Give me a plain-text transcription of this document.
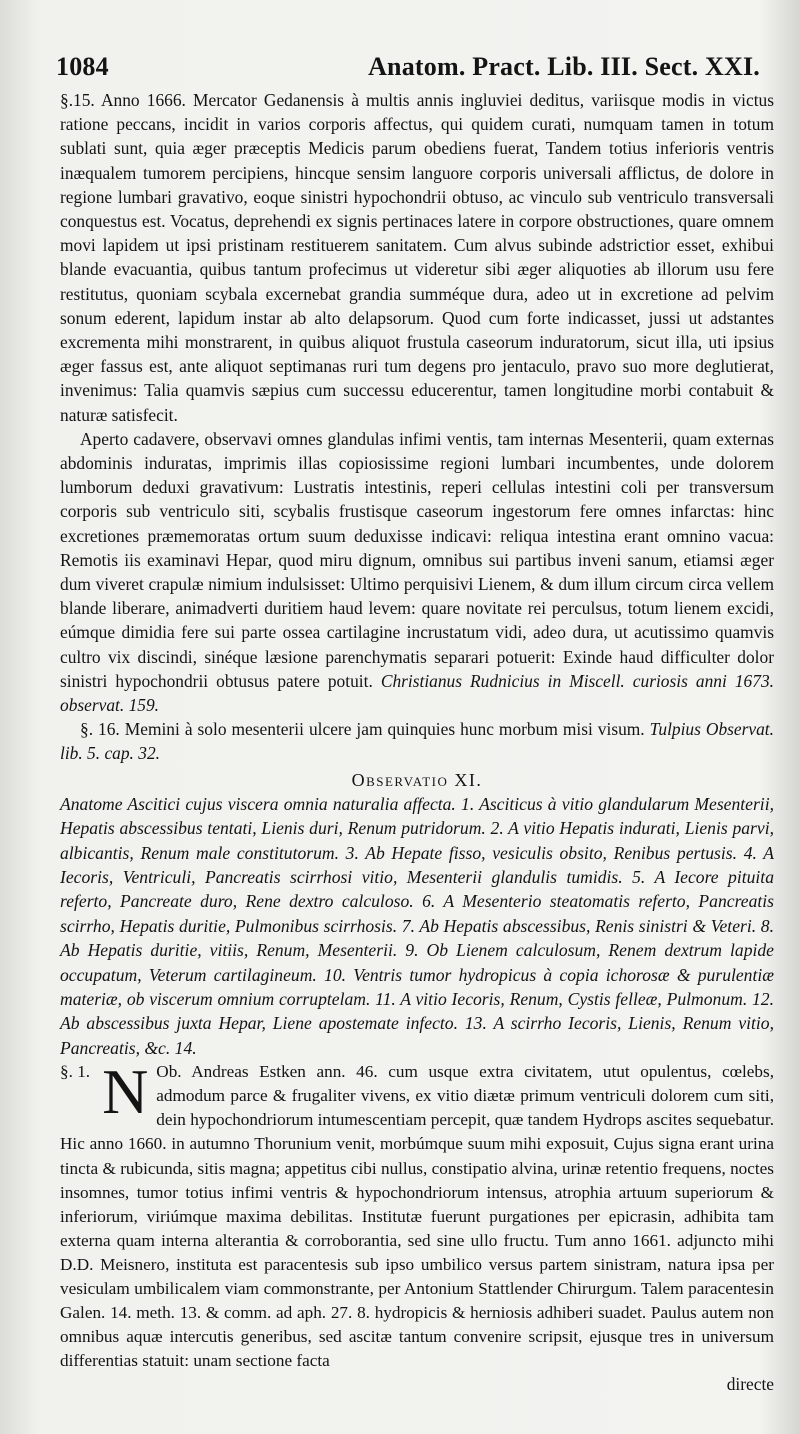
1084	Anatom. Pract. Lib. III. Sect. XXI.

§.15. Anno 1666. Mercator Gedanensis à multis annis ingluviei deditus, variisque modis in victus ratione peccans, incidit in varios corporis affectus, qui quidem curati, numquam tamen in totum sublati sunt, quia æger præceptis Medicis parum obediens fuerat, Tandem totius inferioris ventris inæqualem tumorem percipiens, hincque sensim languore corporis universali afflictus, de dolore in regione lumbari gravativo, eoque sinistri hypochondrii obtuso, ac vinculo sub ventriculo transversali conquestus est. Vocatus, deprehendi ex signis pertinaces latere in corpore obstructiones, quare omnem movi lapidem ut ipsi pristinam restituerem sanitatem. Cum alvus subinde adstrictior esset, exhibui blande evacuantia, quibus tantum profecimus ut videretur sibi æger aliquoties ab illorum usu fere restitutus, quoniam scybala excernebat grandia summéque dura, adeo ut in excretione ad pelvim sonum ederent, lapidum instar ab alto delapsorum. Quod cum forte indicasset, jussi ut adstantes excrementa mihi monstrarent, in quibus aliquot frustula caseorum induratorum, sicut illa, uti ipsius æger fassus est, ante aliquot septimanas ruri tum degens pro jentaculo, pravo suo more deglutierat, invenimus: Talia quamvis sæpius cum successu educerentur, tamen longitudine morbi contabuit & naturæ satisfecit.

Aperto cadavere, observavi omnes glandulas infimi ventis, tam internas Mesenterii, quam externas abdominis induratas, imprimis illas copiosissime regioni lumbari incumbentes, unde dolorem lumborum deduxi gravativum: Lustratis intestinis, reperi cellulas intestini coli per transversum corporis sub ventriculo siti, scybalis frustisque caseorum ingestorum fere omnes infarctas: hinc excretiones præmemoratas ortum suum deduxisse indicavi: reliqua intestina erant omnino vacua: Remotis iis examinavi Hepar, quod miru dignum, omnibus sui partibus inveni sanum, etiamsi æger dum viveret crapulæ nimium indulsisset: Ultimo perquisivi Lienem, & dum illum circum circa vellem blande liberare, animadverti duritiem haud levem: quare novitate rei perculsus, totum lienem excidi, eúmque dimidia fere sui parte ossea cartilagine incrustatum vidi, adeo dura, ut acutissimo quamvis cultro vix discindi, sinéque læsione parenchymatis separari potuerit: Exinde haud difficulter dolor sinistri hypochondrii obtusus patere potuit. Christianus Rudnicius in Miscell. curiosis anni 1673. observat. 159.

§. 16. Memini à solo mesenterii ulcere jam quinquies hunc morbum misi visum. Tulpius Observat. lib. 5. cap. 32.

Observatio XI.

Anatome Ascitici cujus viscera omnia naturalia affecta. 1. Asciticus à vitio glandularum Mesenterii, Hepatis abscessibus tentati, Lienis duri, Renum putridorum. 2. A vitio Hepatis indurati, Lienis parvi, albicantis, Renum male constitutorum. 3. Ab Hepate fisso, vesiculis obsito, Renibus pertusis. 4. A Iecoris, Ventriculi, Pancreatis scirrhosi vitio, Mesenterii glandulis tumidis. 5. A Iecore pituita referto, Pancreate duro, Rene dextro calculoso. 6. A Mesenterio steatomatis referto, Pancreatis scirrho, Hepatis duritie, Pulmonibus scirrhosis. 7. Ab Hepatis abscessibus, Renis sinistri & Veteri. 8. Ab Hepatis duritie, vitiis, Renum, Mesenterii. 9. Ob Lienem calculosum, Renem dextrum lapide occupatum, Veterum cartilagineum. 10. Ventris tumor hydropicus à copia ichorosæ & purulentiæ materiæ, ob viscerum omnium corruptelam. 11. A vitio Iecoris, Renum, Cystis felleæ, Pulmonum. 12. Ab abscessibus juxta Hepar, Liene apostemate infecto. 13. A scirrho Iecoris, Lienis, Renum vitio, Pancreatis, &c. 14.

§. 1. N Ob. Andreas Estken ann. 46. cum usque extra civitatem, utut opulentus, cœlebs, admodum parce & frugaliter vivens, ex vitio diætæ primum ventriculi dolorem cum siti, dein hypochondriorum intumescentiam percepit, quæ tandem Hydrops ascites sequebatur. Hic anno 1660. in autumno Thorunium venit, morbúmque suum mihi exposuit, Cujus signa erant urina tincta & rubicunda, sitis magna; appetitus cibi nullus, constipatio alvina, urinæ retentio frequens, noctes insomnes, tumor totius infimi ventris & hypochondriorum intensus, atrophia artuum superiorum & inferiorum, viriúmque maxima debilitas. Institutæ fuerunt purgationes per epicrasin, adhibita tam externa quam interna alterantia & corroborantia, sed sine ullo fructu. Tum anno 1661. adjuncto mihi D.D. Meisnero, instituta est paracentesis sub ipso umbilico versus partem sinistram, natura ipsa per vesiculam umbilicalem viam commonstrante, per Antonium Stattlender Chirurgum. Talem paracentesin Galen. 14. meth. 13. & comm. ad aph. 27. 8. hydropicis & herniosis adhiberi suadet. Paulus autem non omnibus aquæ intercutis generibus, sed ascitæ tantum convenire scripsit, ejusque tres in universum differentias statuit: unam sectione facta

directe
